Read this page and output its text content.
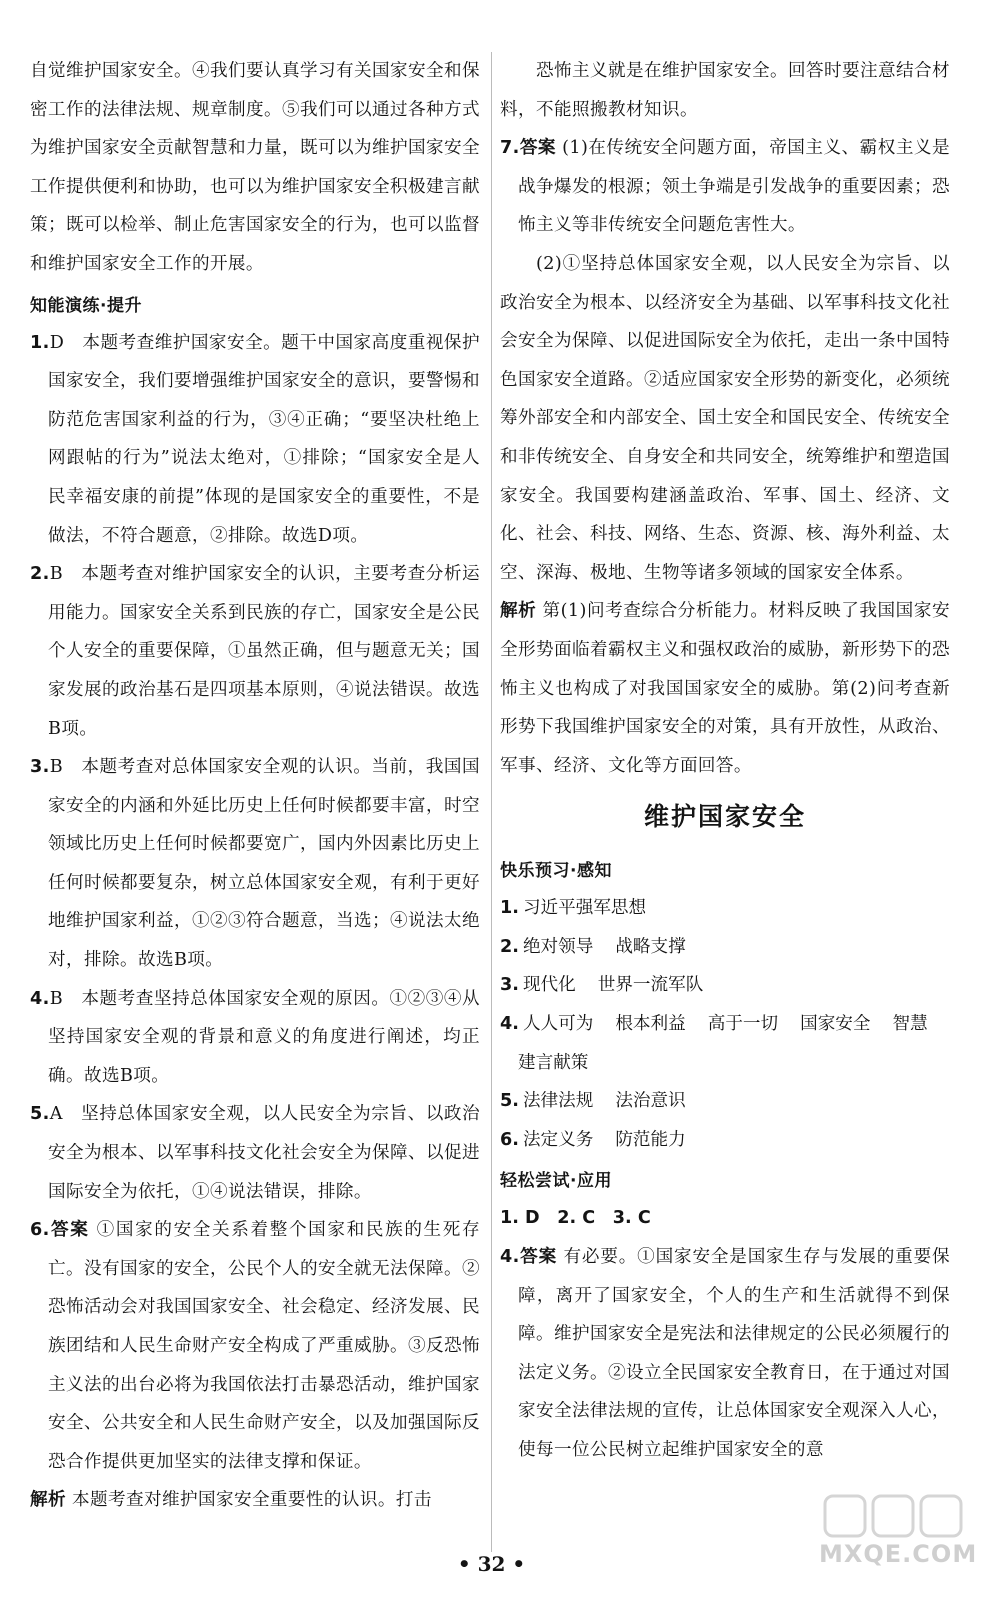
自觉维护国家安全。④我们要认真学习有关国家安全和保密工作的法律法规、规章制度。⑤我们可以通过各种方式为维护国家安全贡献智慧和力量，既可以为维护国家安全工作提供便利和协助，也可以为维护国家安全积极建言献策；既可以检举、制止危害国家安全的行为，也可以监督和维护国家安全工作的开展。

知能演练·提升

1.D　本题考查维护国家安全。题干中国家高度重视保护国家安全，我们要增强维护国家安全的意识，要警惕和防范危害国家利益的行为，③④正确；“要坚决杜绝上网跟帖的行为”说法太绝对，①排除；“国家安全是人民幸福安康的前提”体现的是国家安全的重要性，不是做法，不符合题意，②排除。故选D项。

2.B　本题考查对维护国家安全的认识，主要考查分析运用能力。国家安全关系到民族的存亡，国家安全是公民个人安全的重要保障，①虽然正确，但与题意无关；国家发展的政治基石是四项基本原则，④说法错误。故选B项。

3.B　本题考查对总体国家安全观的认识。当前，我国国家安全的内涵和外延比历史上任何时候都要丰富，时空领域比历史上任何时候都要宽广，国内外因素比历史上任何时候都要复杂，树立总体国家安全观，有利于更好地维护国家利益，①②③符合题意，当选；④说法太绝对，排除。故选B项。

4.B　本题考查坚持总体国家安全观的原因。①②③④从坚持国家安全观的背景和意义的角度进行阐述，均正确。故选B项。

5.A　坚持总体国家安全观，以人民安全为宗旨、以政治安全为根本、以军事科技文化社会安全为保障、以促进国际安全为依托，①④说法错误，排除。

6.答案 ①国家的安全关系着整个国家和民族的生死存亡。没有国家的安全，公民个人的安全就无法保障。②恐怖活动会对我国国家安全、社会稳定、经济发展、民族团结和人民生命财产安全构成了严重威胁。③反恐怖主义法的出台必将为我国依法打击暴恐活动，维护国家安全、公共安全和人民生命财产安全，以及加强国际反恐合作提供更加坚实的法律支撑和保证。

解析 本题考查对维护国家安全重要性的认识。打击

恐怖主义就是在维护国家安全。回答时要注意结合材料，不能照搬教材知识。

7.答案 (1)在传统安全问题方面，帝国主义、霸权主义是战争爆发的根源；领土争端是引发战争的重要因素；恐怖主义等非传统安全问题危害性大。

(2)①坚持总体国家安全观，以人民安全为宗旨、以政治安全为根本、以经济安全为基础、以军事科技文化社会安全为保障、以促进国际安全为依托，走出一条中国特色国家安全道路。②适应国家安全形势的新变化，必须统筹外部安全和内部安全、国土安全和国民安全、传统安全和非传统安全、自身安全和共同安全，统筹维护和塑造国家安全。我国要构建涵盖政治、军事、国土、经济、文化、社会、科技、网络、生态、资源、核、海外利益、太空、深海、极地、生物等诸多领域的国家安全体系。

解析 第(1)问考查综合分析能力。材料反映了我国国家安全形势面临着霸权主义和强权政治的威胁，新形势下的恐怖主义也构成了对我国国家安全的威胁。第(2)问考查新形势下我国维护国家安全的对策，具有开放性，从政治、军事、经济、文化等方面回答。

维护国家安全
快乐预习·感知

1. 习近平强军思想

2. 绝对领导 战略支撑

3. 现代化 世界一流军队

4. 人人可为 根本利益 高于一切 国家安全 智慧
建言献策

5. 法律法规 法治意识

6. 法定义务 防范能力

轻松尝试·应用

1. D　2. C　3. C

4.答案 有必要。①国家安全是国家生存与发展的重要保障，离开了国家安全，个人的生产和生活就得不到保障。维护国家安全是宪法和法律规定的公民必须履行的法定义务。②设立全民国家安全教育日，在于通过对国家安全法律法规的宣传，让总体国家安全观深入人心，使每一位公民树立起维护国家安全的意

• 32 •	MXQE.COM
